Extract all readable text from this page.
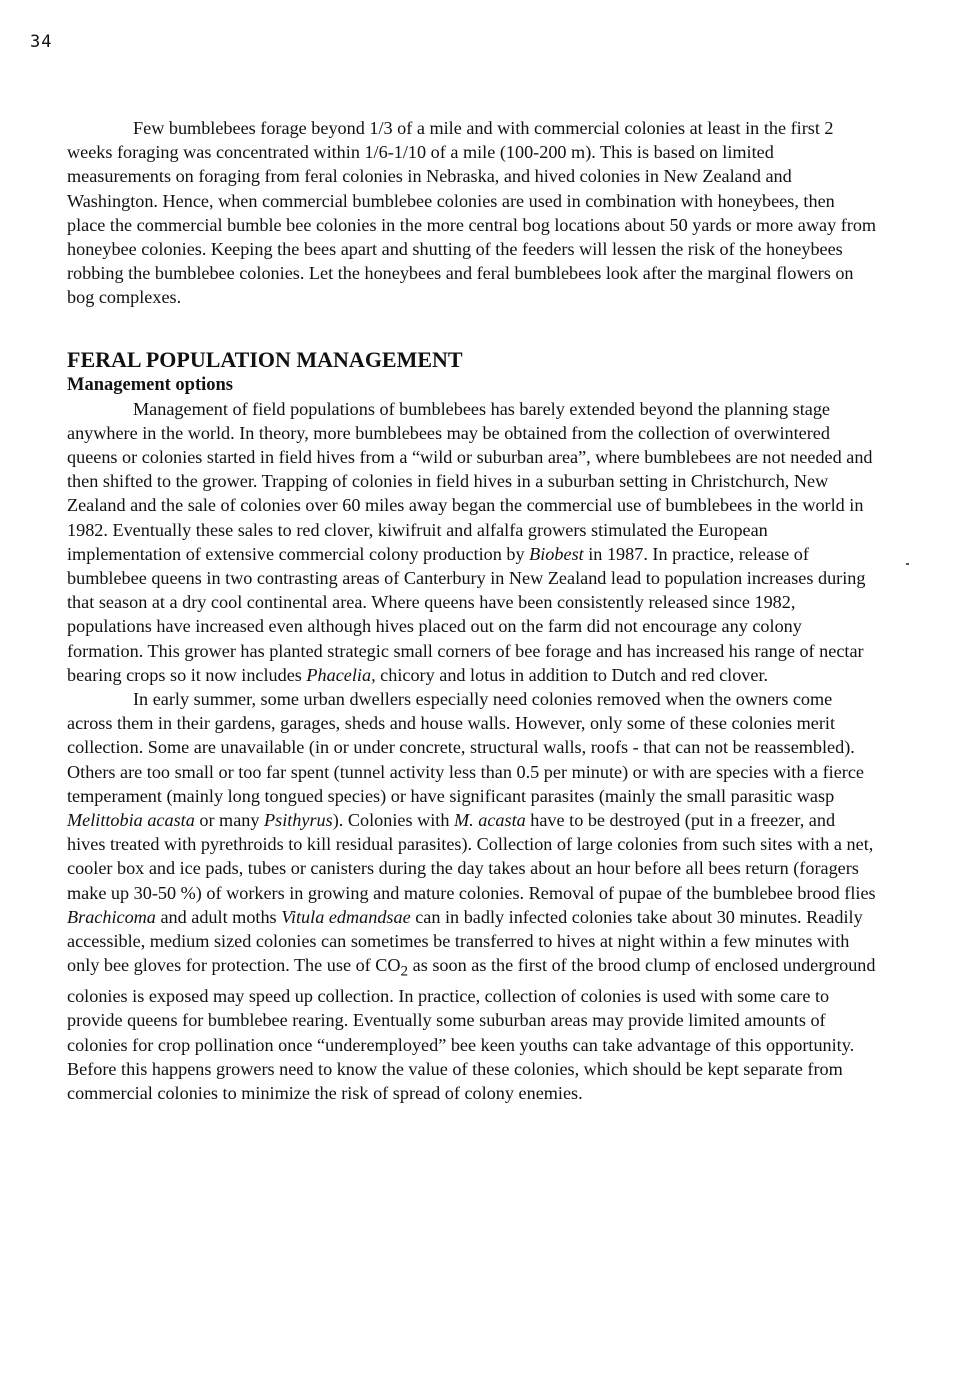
34

Few bumblebees forage beyond 1/3 of a mile and with commercial colonies at least in the first 2 weeks foraging was concentrated within 1/6-1/10 of a mile (100-200 m). This is based on limited measurements on foraging from feral colonies in Nebraska, and hived colonies in New Zealand and Washington. Hence, when commercial bumblebee colonies are used in combination with honeybees, then place the commercial bumble bee colonies in the more central bog locations about 50 yards or more away from honeybee colonies. Keeping the bees apart and shutting of the feeders will lessen the risk of the honeybees robbing the bumblebee colonies. Let the honeybees and feral bumblebees look after the marginal flowers on bog complexes.

FERAL POPULATION MANAGEMENT
Management options

Management of field populations of bumblebees has barely extended beyond the planning stage anywhere in the world. In theory, more bumblebees may be obtained from the collection of overwintered queens or colonies started in field hives from a “wild or suburban area”, where bumblebees are not needed and then shifted to the grower. Trapping of colonies in field hives in a suburban setting in Christchurch, New Zealand and the sale of colonies over 60 miles away began the commercial use of bumblebees in the world in 1982. Eventually these sales to red clover, kiwifruit and alfalfa growers stimulated the European implementation of extensive commercial colony production by Biobest in 1987. In practice, release of bumblebee queens in two contrasting areas of Canterbury in New Zealand lead to population increases during that season at a dry cool continental area. Where queens have been consistently released since 1982, populations have increased even although hives placed out on the farm did not encourage any colony formation. This grower has planted strategic small corners of bee forage and has increased his range of nectar bearing crops so it now includes Phacelia, chicory and lotus in addition to Dutch and red clover.

In early summer, some urban dwellers especially need colonies removed when the owners come across them in their gardens, garages, sheds and house walls. However, only some of these colonies merit collection. Some are unavailable (in or under concrete, structural walls, roofs - that can not be reassembled). Others are too small or too far spent (tunnel activity less than 0.5 per minute) or with are species with a fierce temperament (mainly long tongued species) or have significant parasites (mainly the small parasitic wasp Melittobia acasta or many Psithyrus). Colonies with M. acasta have to be destroyed (put in a freezer, and hives treated with pyrethroids to kill residual parasites). Collection of large colonies from such sites with a net, cooler box and ice pads, tubes or canisters during the day takes about an hour before all bees return (foragers make up 30-50 %) of workers in growing and mature colonies. Removal of pupae of the bumblebee brood flies Brachicoma and adult moths Vitula edmandsae can in badly infected colonies take about 30 minutes. Readily accessible, medium sized colonies can sometimes be transferred to hives at night within a few minutes with only bee gloves for protection. The use of $CO_2$ as soon as the first of the brood clump of enclosed underground colonies is exposed may speed up collection. In practice, collection of colonies is used with some care to provide queens for bumblebee rearing. Eventually some suburban areas may provide limited amounts of colonies for crop pollination once “underemployed” bee keen youths can take advantage of this opportunity. Before this happens growers need to know the value of these colonies, which should be kept separate from commercial colonies to minimize the risk of spread of colony enemies.
